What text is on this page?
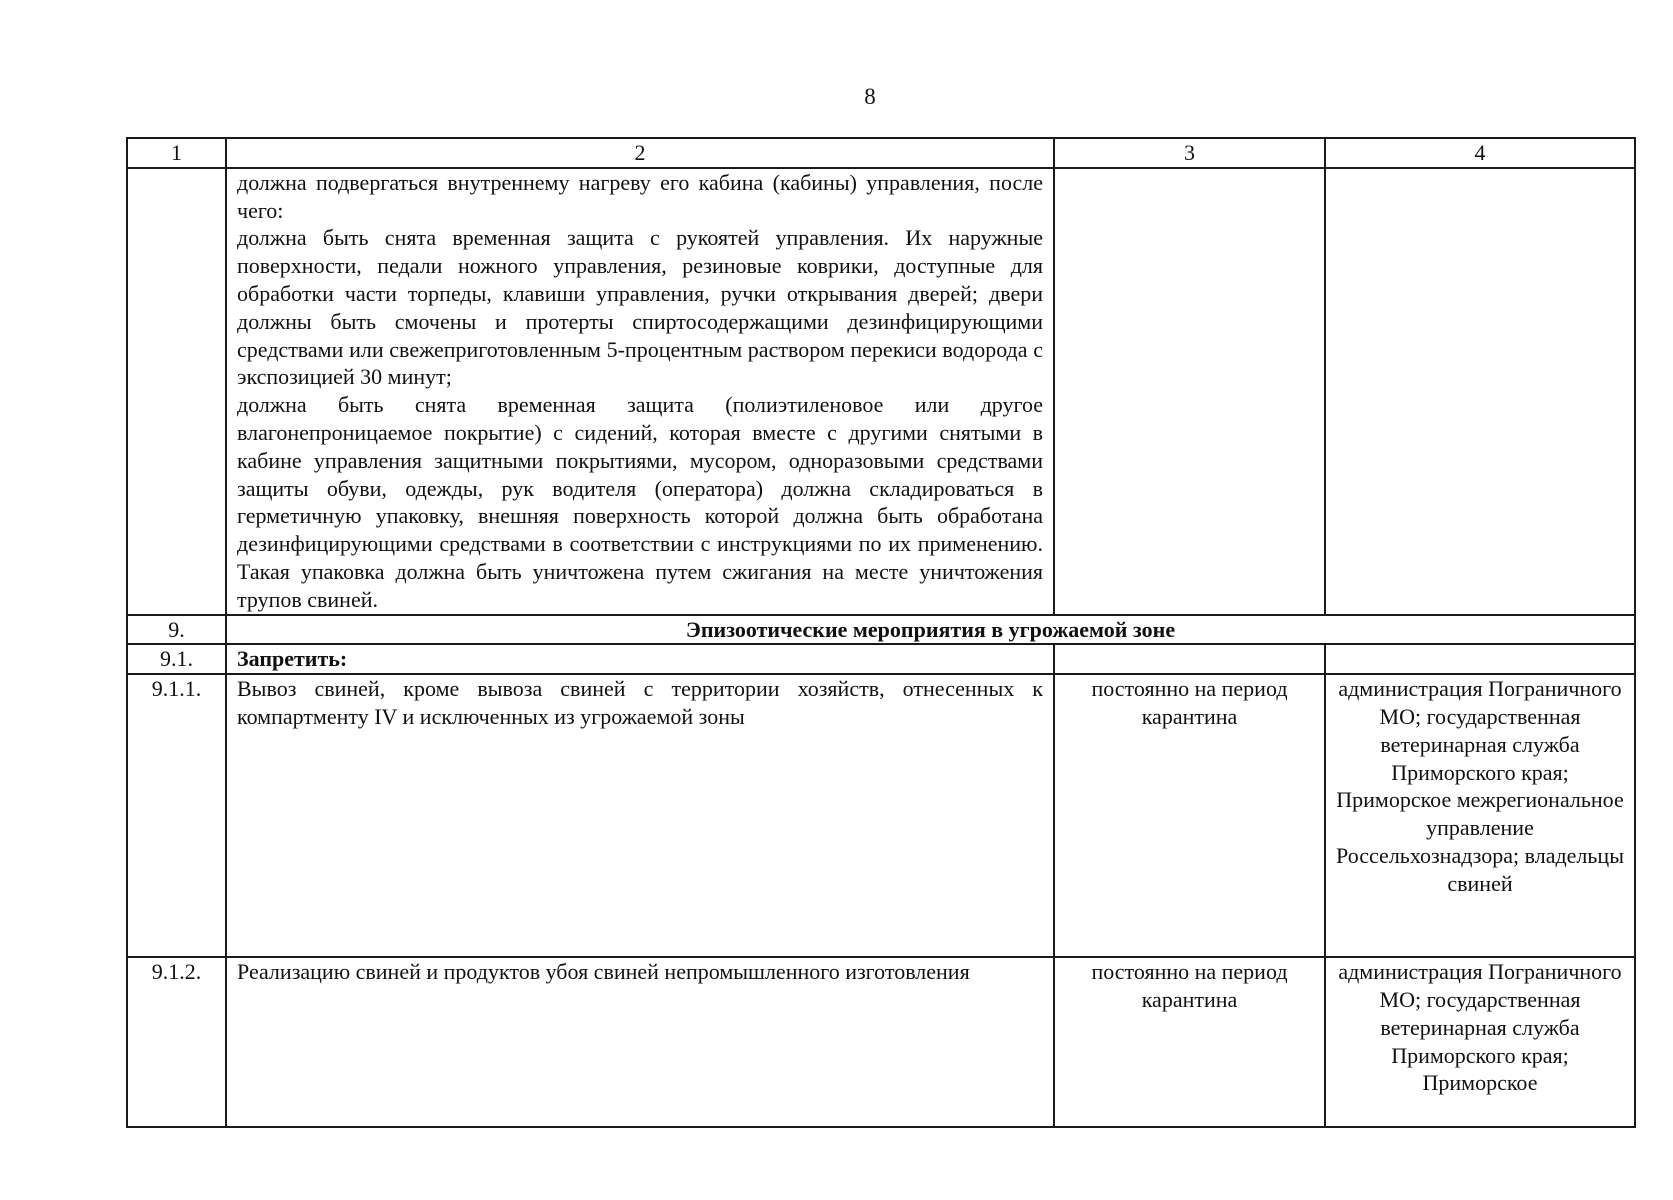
8
1	2	3	4

	должна подвергаться внутреннему нагреву его кабина (кабины) управления, после чего:
должна быть снята временная защита с рукоятей управления. Их наружные поверхности, педали ножного управления, резиновые коврики, доступные для обработки части торпеды, клавиши управления, ручки открывания дверей; двери должны быть смочены и протерты спиртосодержащими дезинфицирующими средствами или свежеприготовленным 5-процентным раствором перекиси водорода с экспозицией 30 минут;
должна быть снята временная защита (полиэтиленовое или другое влагонепроницаемое покрытие) с сидений, которая вместе с другими снятыми в кабине управления защитными покрытиями, мусором, одноразовыми средствами защиты обуви, одежды, рук водителя (оператора) должна складироваться в герметичную упаковку, внешняя поверхность которой должна быть обработана дезинфицирующими средствами в соответствии с инструкциями по их применению. Такая упаковка должна быть уничтожена путем сжигания на месте уничтожения трупов свиней.		

9.	Эпизоотические мероприятия в угрожаемой зоне		
9.1.	Запретить:		
9.1.1.	Вывоз свиней, кроме вывоза свиней с территории хозяйств, отнесенных к компартменту IV и исключенных из угрожаемой зоны	постоянно на период карантина	администрация Пограничного МО; государственная ветеринарная служба Приморского края; Приморское межрегиональное управление Россельхознадзора; владельцы свиней
9.1.2.	Реализацию свиней и продуктов убоя свиней непромышленного изготовления	постоянно на период карантина	администрация Пограничного МО; государственная ветеринарная служба Приморского края; Приморское
